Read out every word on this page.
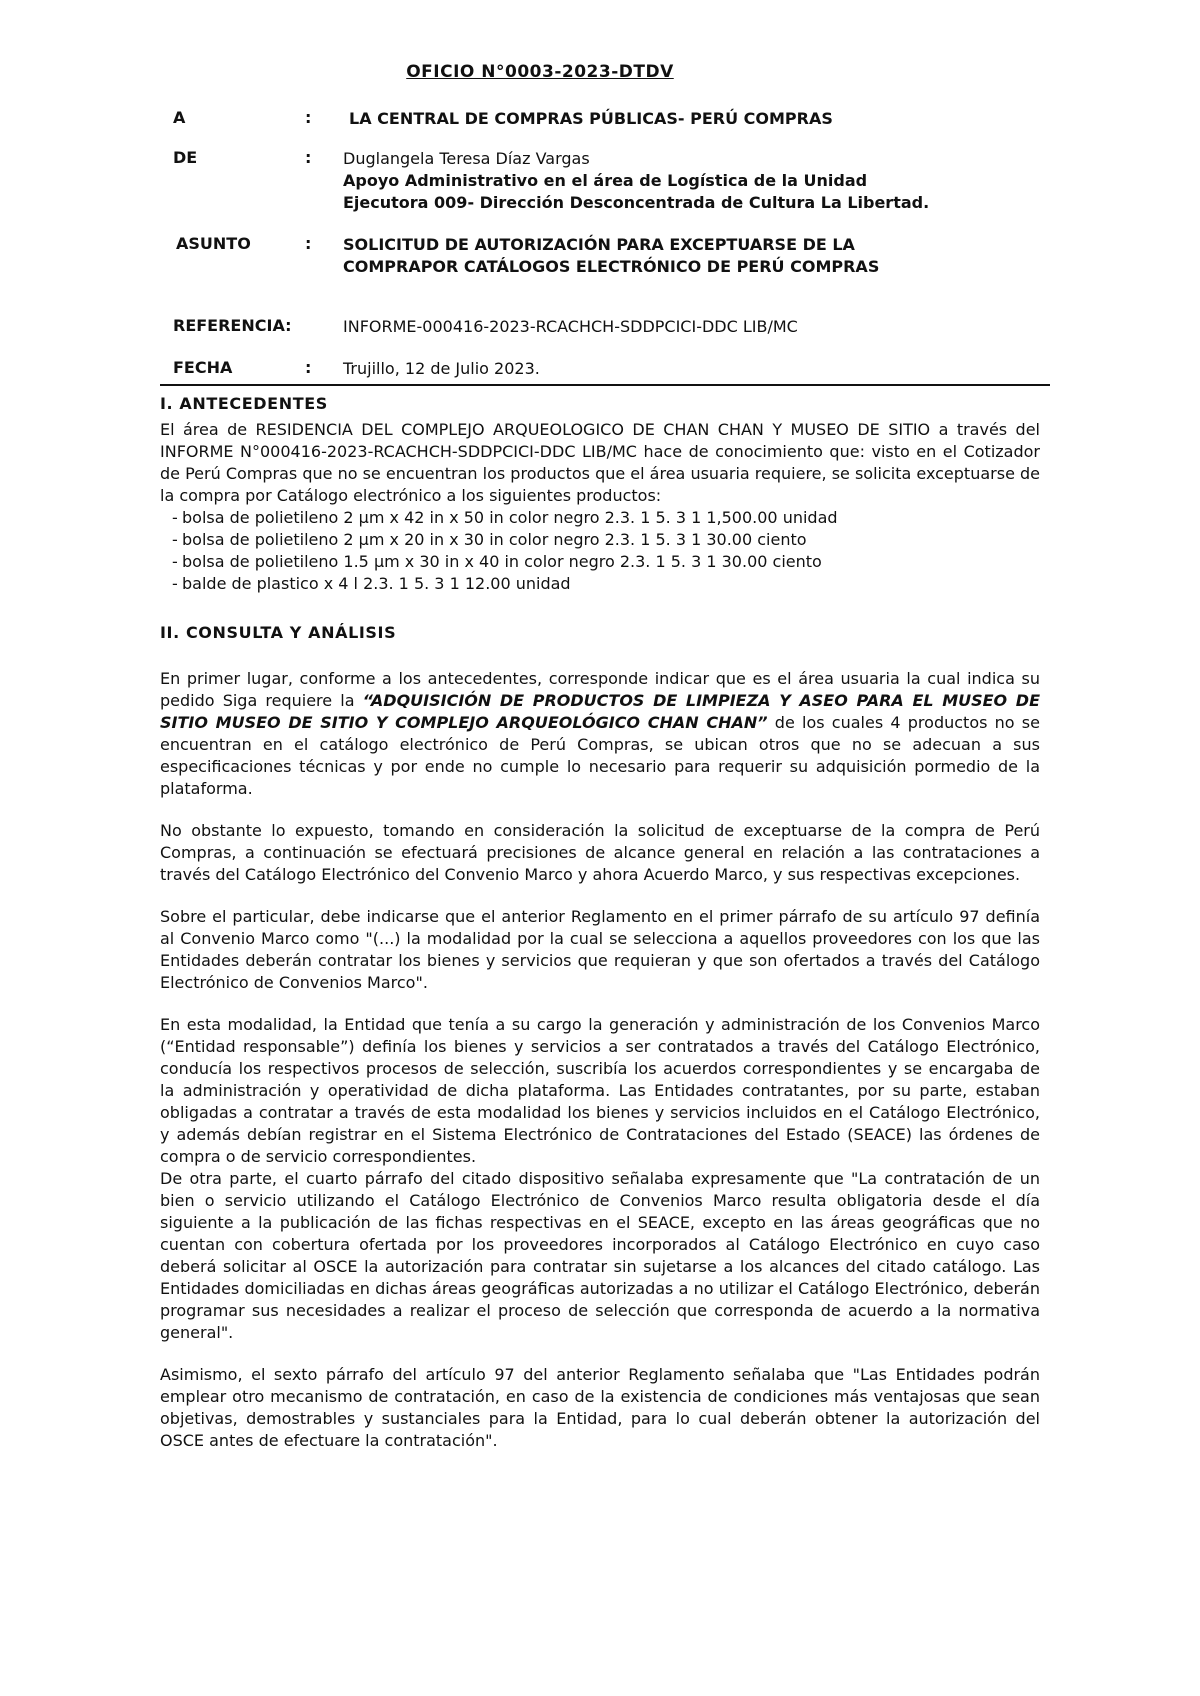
OFICIO N°0003-2023-DTDV
A	:	LA CENTRAL DE COMPRAS PÚBLICAS- PERÚ COMPRAS
DE	:	Duglangela Teresa Díaz Vargas
Apoyo Administrativo en el área de Logística de la Unidad
Ejecutora 009- Dirección Desconcentrada de Cultura La Libertad.
ASUNTO	:	SOLICITUD DE AUTORIZACIÓN PARA EXCEPTUARSE DE LA
COMPRAPOR CATÁLOGOS ELECTRÓNICO DE PERÚ COMPRAS
REFERENCIA:	INFORME-000416-2023-RCACHCH-SDDPCICI-DDC LIB/MC
FECHA	:	Trujillo, 12 de Julio 2023.
I. ANTECEDENTES

El área de RESIDENCIA DEL COMPLEJO ARQUEOLOGICO DE CHAN CHAN Y MUSEO DE SITIO a través del INFORME N°000416-2023-RCACHCH-SDDPCICI-DDC LIB/MC hace de conocimiento que: visto en el Cotizador de Perú Compras que no se encuentran los productos que el área usuaria requiere, se solicita exceptuarse de la compra por Catálogo electrónico a los siguientes productos:

- bolsa de polietileno 2 µm x 42 in x 50 in color negro 2.3. 1 5. 3 1 1,500.00 unidad
- bolsa de polietileno 2 µm x 20 in x 30 in color negro 2.3. 1 5. 3 1 30.00 ciento
- bolsa de polietileno 1.5 µm x 30 in x 40 in color negro 2.3. 1 5. 3 1 30.00 ciento
- balde de plastico x 4 l 2.3. 1 5. 3 1 12.00 unidad
II. CONSULTA Y ANÁLISIS

En primer lugar, conforme a los antecedentes, corresponde indicar que es el área usuaria la cual indica su pedido Siga requiere la “ADQUISICIÓN DE PRODUCTOS DE LIMPIEZA Y ASEO PARA EL MUSEO DE SITIO MUSEO DE SITIO Y COMPLEJO ARQUEOLÓGICO CHAN CHAN” de los cuales 4 productos no se encuentran en el catálogo electrónico de Perú Compras, se ubican otros que no se adecuan a sus especificaciones técnicas y por ende no cumple lo necesario para requerir su adquisición pormedio de la plataforma.

No obstante lo expuesto, tomando en consideración la solicitud de exceptuarse de la compra de Perú Compras, a continuación se efectuará precisiones de alcance general en relación a las contrataciones a través del Catálogo Electrónico del Convenio Marco y ahora Acuerdo Marco, y sus respectivas excepciones.

Sobre el particular, debe indicarse que el anterior Reglamento en el primer párrafo de su artículo 97 definía al Convenio Marco como "(...) la modalidad por la cual se selecciona a aquellos proveedores con los que las Entidades deberán contratar los bienes y servicios que requieran y que son ofertados a través del Catálogo Electrónico de Convenios Marco".

En esta modalidad, la Entidad que tenía a su cargo la generación y administración de los Convenios Marco (“Entidad responsable”) definía los bienes y servicios a ser contratados a través del Catálogo Electrónico, conducía los respectivos procesos de selección, suscribía los acuerdos correspondientes y se encargaba de la administración y operatividad de dicha plataforma. Las Entidades contratantes, por su parte, estaban obligadas a contratar a través de esta modalidad los bienes y servicios incluidos en el Catálogo Electrónico, y además debían registrar en el Sistema Electrónico de Contrataciones del Estado (SEACE) las órdenes de compra o de servicio correspondientes.

De otra parte, el cuarto párrafo del citado dispositivo señalaba expresamente que "La contratación de un bien o servicio utilizando el Catálogo Electrónico de Convenios Marco resulta obligatoria desde el día siguiente a la publicación de las fichas respectivas en el SEACE, excepto en las áreas geográficas que no cuentan con cobertura ofertada por los proveedores incorporados al Catálogo Electrónico en cuyo caso deberá solicitar al OSCE la autorización para contratar sin sujetarse a los alcances del citado catálogo. Las Entidades domiciliadas en dichas áreas geográficas autorizadas a no utilizar el Catálogo Electrónico, deberán programar sus necesidades a realizar el proceso de selección que corresponda de acuerdo a la normativa general".

Asimismo, el sexto párrafo del artículo 97 del anterior Reglamento señalaba que "Las Entidades podrán emplear otro mecanismo de contratación, en caso de la existencia de condiciones más ventajosas que sean objetivas, demostrables y sustanciales para la Entidad, para lo cual deberán obtener la autorización del OSCE antes de efectuare la contratación".
